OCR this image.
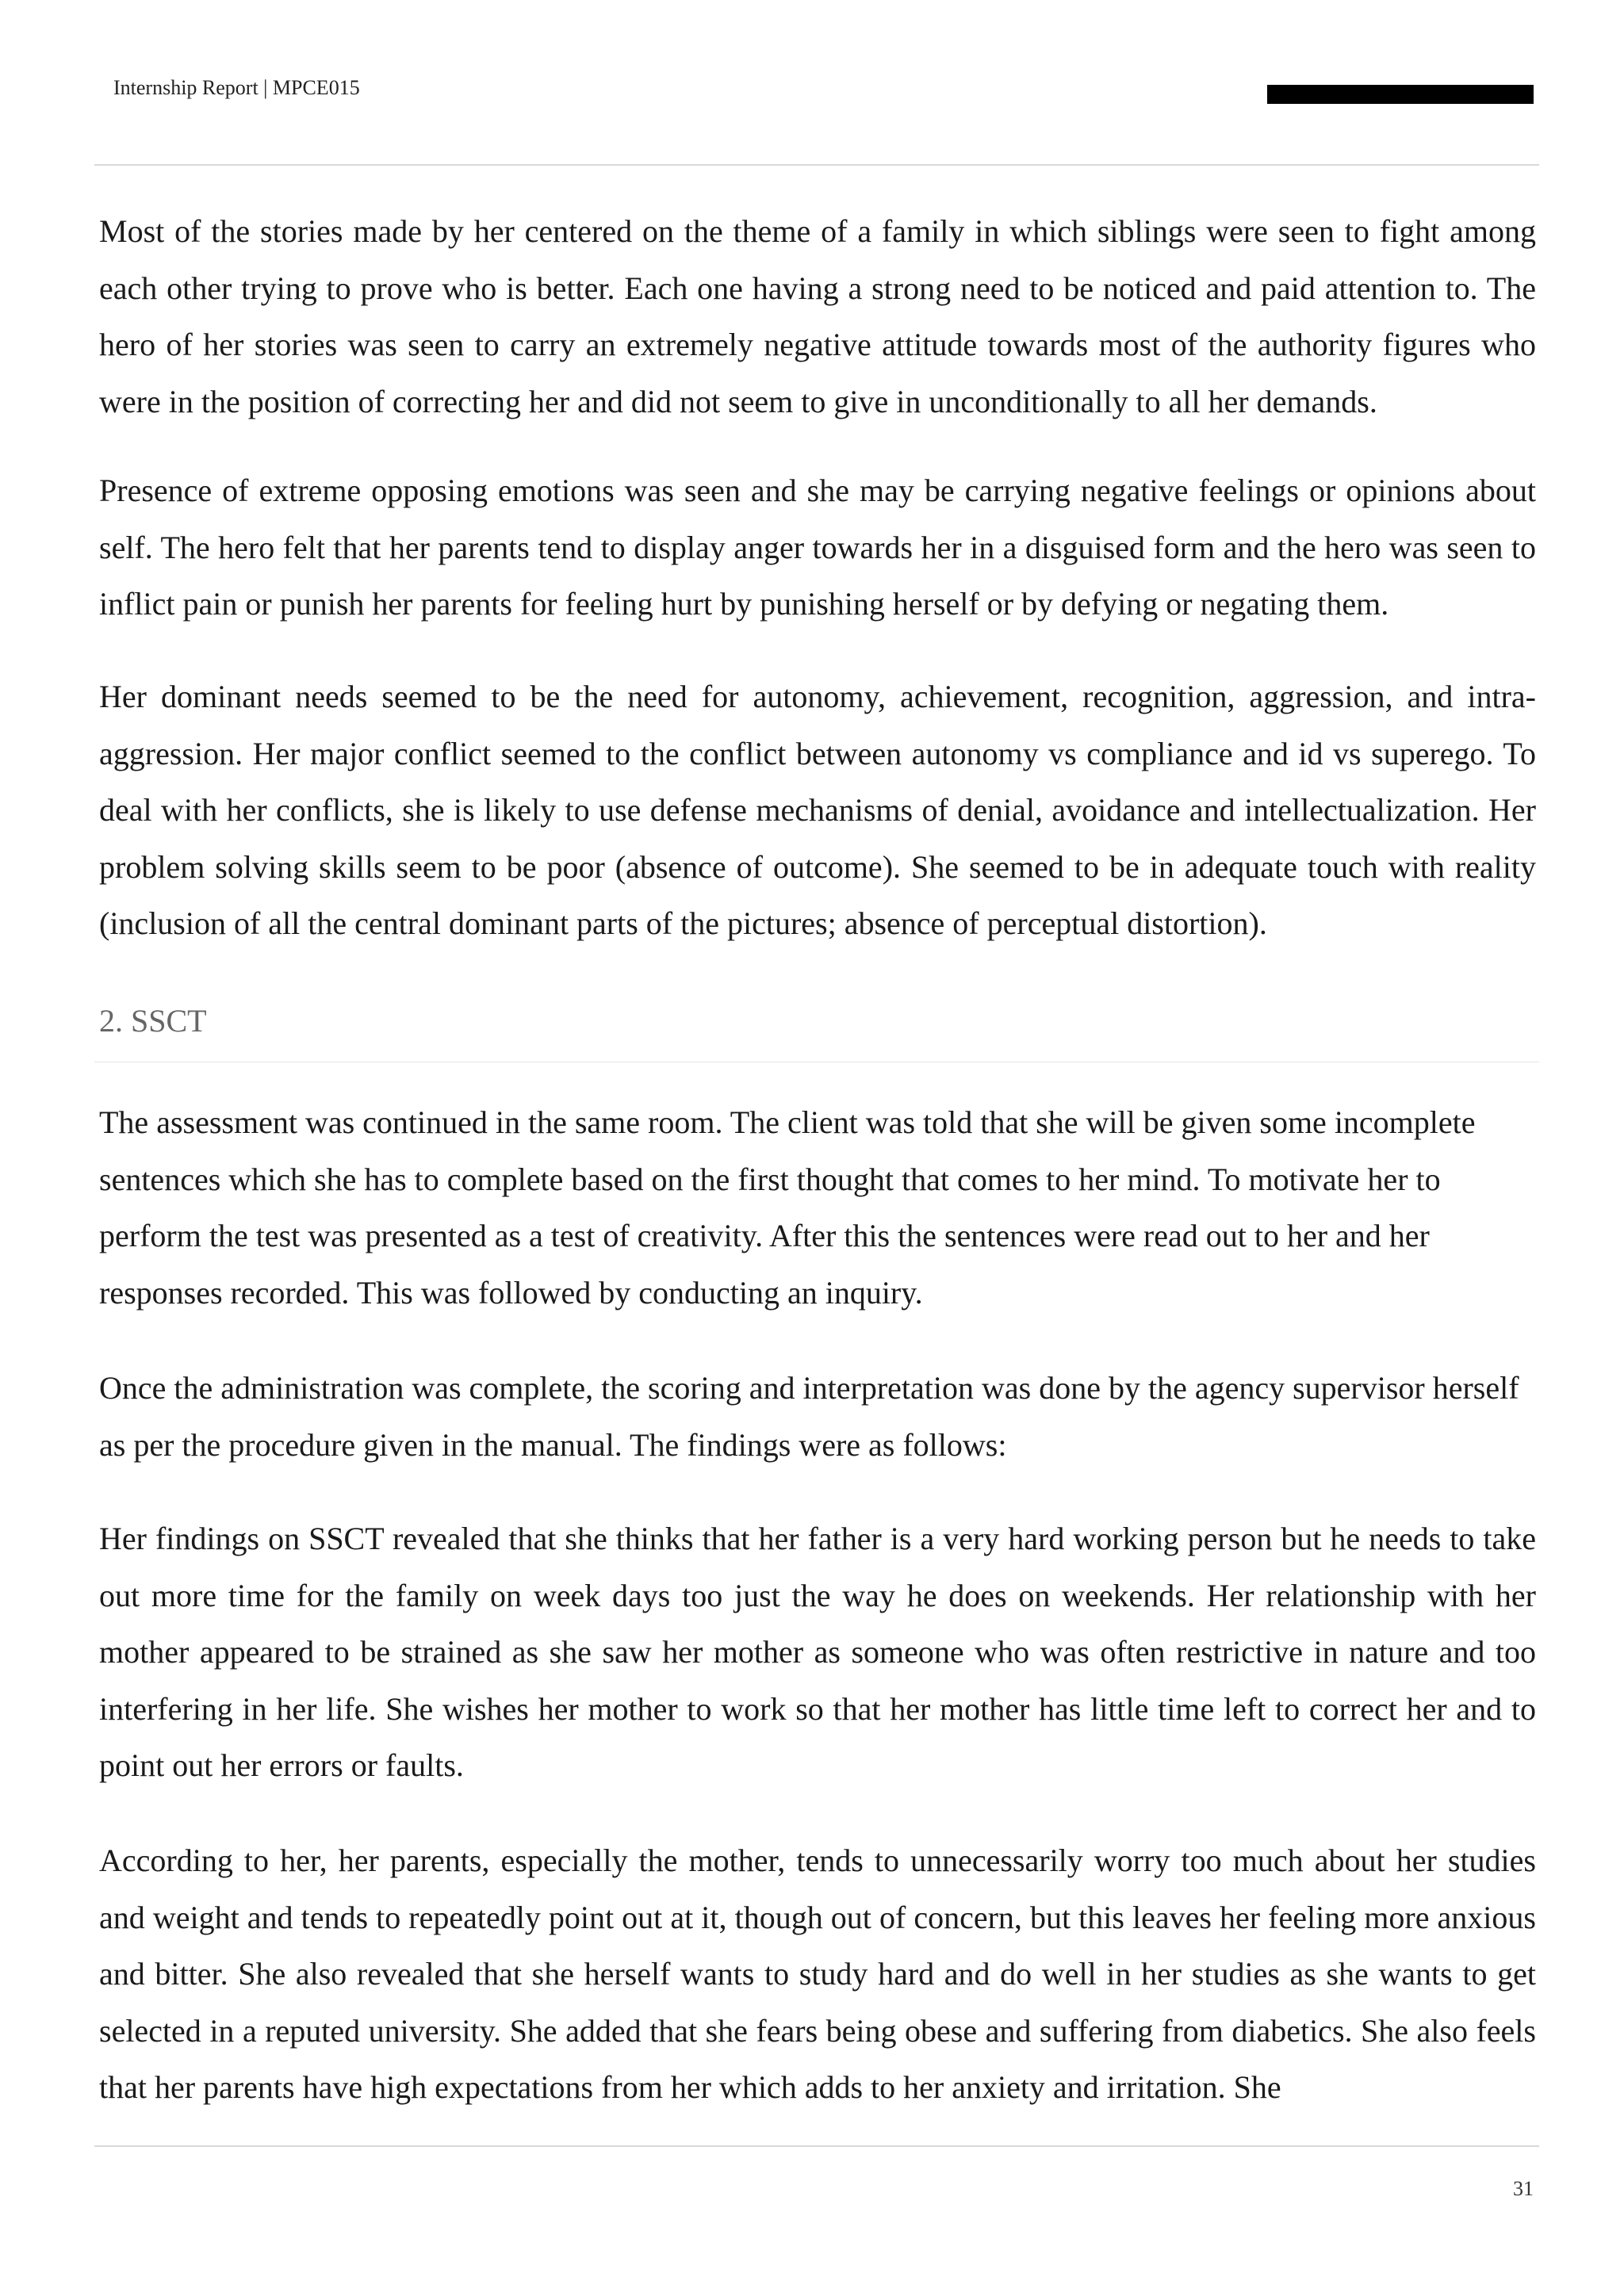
Internship Report | MPCE015

Most of the stories made by her centered on the theme of a family in which siblings were seen to fight among each other trying to prove who is better. Each one having a strong need to be noticed and paid attention to. The hero of her stories was seen to carry an extremely negative attitude towards most of the authority figures who were in the position of correcting her and did not seem to give in unconditionally to all her demands.

Presence of extreme opposing emotions was seen and she may be carrying negative feelings or opinions about self. The hero felt that her parents tend to display anger towards her in a disguised form and the hero was seen to inflict pain or punish her parents for feeling hurt by punishing herself or by defying or negating them.

Her dominant needs seemed to be the need for autonomy, achievement, recognition, aggression, and intra-aggression. Her major conflict seemed to the conflict between autonomy vs compliance and id vs superego. To deal with her conflicts, she is likely to use defense mechanisms of denial, avoidance and intellectualization. Her problem solving skills seem to be poor (absence of outcome). She seemed to be in adequate touch with reality (inclusion of all the central dominant parts of the pictures; absence of perceptual distortion).

2. SSCT

The assessment was continued in the same room. The client was told that she will be given some incomplete sentences which she has to complete based on the first thought that comes to her mind. To motivate her to perform the test was presented as a test of creativity. After this the sentences were read out to her and her responses recorded. This was followed by conducting an inquiry.

Once the administration was complete, the scoring and interpretation was done by the agency supervisor herself as per the procedure given in the manual. The findings were as follows:

Her findings on SSCT revealed that she thinks that her father is a very hard working person but he needs to take out more time for the family on week days too just the way he does on weekends. Her relationship with her mother appeared to be strained as she saw her mother as someone who was often restrictive in nature and too interfering in her life. She wishes her mother to work so that her mother has little time left to correct her and to point out her errors or faults.

According to her, her parents, especially the mother, tends to unnecessarily worry too much about her studies and weight and tends to repeatedly point out at it, though out of concern, but this leaves her feeling more anxious and bitter. She also revealed that she herself wants to study hard and do well in her studies as she wants to get selected in a reputed university. She added that she fears being obese and suffering from diabetics. She also feels that her parents have high expectations from her which adds to her anxiety and irritation. She

31
